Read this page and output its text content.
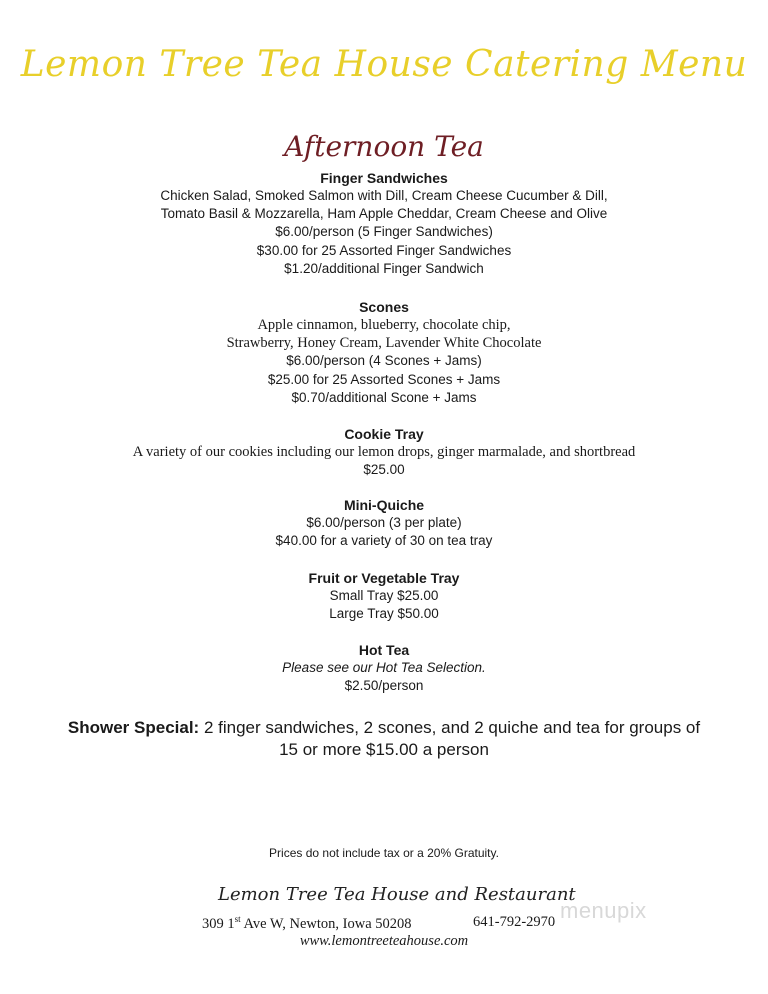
Lemon Tree Tea House Catering Menu
Afternoon Tea
Finger Sandwiches
Chicken Salad, Smoked Salmon with Dill, Cream Cheese Cucumber & Dill,
Tomato Basil & Mozzarella, Ham Apple Cheddar, Cream Cheese and Olive
$6.00/person (5 Finger Sandwiches)
$30.00 for 25 Assorted Finger Sandwiches
$1.20/additional Finger Sandwich
Scones
Apple cinnamon, blueberry, chocolate chip,
Strawberry, Honey Cream, Lavender White Chocolate
$6.00/person (4 Scones + Jams)
$25.00 for 25 Assorted Scones + Jams
$0.70/additional Scone + Jams
Cookie Tray
A variety of our cookies including our lemon drops, ginger marmalade, and shortbread
$25.00
Mini-Quiche
$6.00/person (3 per plate)
$40.00 for a variety of 30 on tea tray
Fruit or Vegetable Tray
Small Tray $25.00
Large Tray $50.00
Hot Tea
Please see our Hot Tea Selection.
$2.50/person
Shower Special: 2 finger sandwiches, 2 scones, and 2 quiche and tea for groups of
15 or more $15.00 a person
Prices do not include tax or a 20% Gratuity.
Lemon Tree Tea House and Restaurant
309 1st Ave W, Newton, Iowa 50208	641-792-2970
www.lemontreeteahouse.com
menupix
